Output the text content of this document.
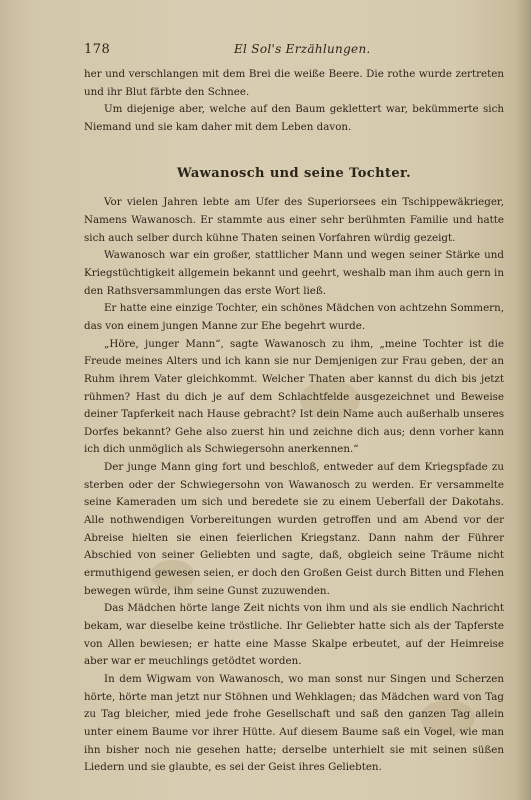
178	El Sol's Erzählungen.

her und verschlangen mit dem Brei die weiße Beere. Die rothe wurde zertreten und ihr Blut färbte den Schnee.

Um diejenige aber, welche auf den Baum geklettert war, bekümmerte sich Niemand und sie kam daher mit dem Leben davon.

Wawanosch und seine Tochter.

Vor vielen Jahren lebte am Ufer des Superiorsees ein Tschippewäkrieger, Namens Wawanosch. Er stammte aus einer sehr berühmten Familie und hatte sich auch selber durch kühne Thaten seinen Vorfahren würdig gezeigt.

Wawanosch war ein großer, stattlicher Mann und wegen seiner Stärke und Kriegstüchtigkeit allgemein bekannt und geehrt, weshalb man ihm auch gern in den Rathsversammlungen das erste Wort ließ.

Er hatte eine einzige Tochter, ein schönes Mädchen von achtzehn Sommern, das von einem jungen Manne zur Ehe begehrt wurde.

„Höre, junger Mann“, sagte Wawanosch zu ihm, „meine Tochter ist die Freude meines Alters und ich kann sie nur Demjenigen zur Frau geben, der an Ruhm ihrem Vater gleichkommt. Welcher Thaten aber kannst du dich bis jetzt rühmen? Hast du dich je auf dem Schlachtfelde ausgezeichnet und Beweise deiner Tapferkeit nach Hause gebracht? Ist dein Name auch außerhalb unseres Dorfes bekannt? Gehe also zuerst hin und zeichne dich aus; denn vorher kann ich dich unmöglich als Schwiegersohn anerkennen.“

Der junge Mann ging fort und beschloß, entweder auf dem Kriegspfade zu sterben oder der Schwiegersohn von Wawanosch zu werden. Er versammelte seine Kameraden um sich und beredete sie zu einem Ueberfall der Dakotahs. Alle nothwendigen Vorbereitungen wurden getroffen und am Abend vor der Abreise hielten sie einen feierlichen Kriegstanz. Dann nahm der Führer Abschied von seiner Geliebten und sagte, daß, obgleich seine Träume nicht ermuthigend gewesen seien, er doch den Großen Geist durch Bitten und Flehen bewegen würde, ihm seine Gunst zuzuwenden.

Das Mädchen hörte lange Zeit nichts von ihm und als sie endlich Nachricht bekam, war dieselbe keine tröstliche. Ihr Geliebter hatte sich als der Tapferste von Allen bewiesen; er hatte eine Masse Skalpe erbeutet, auf der Heimreise aber war er meuchlings getödtet worden.

In dem Wigwam von Wawanosch, wo man sonst nur Singen und Scherzen hörte, hörte man jetzt nur Stöhnen und Wehklagen; das Mädchen ward von Tag zu Tag bleicher, mied jede frohe Gesellschaft und saß den ganzen Tag allein unter einem Baume vor ihrer Hütte. Auf diesem Baume saß ein Vogel, wie man ihn bisher noch nie gesehen hatte; derselbe unterhielt sie mit seinen süßen Liedern und sie glaubte, es sei der Geist ihres Geliebten.
